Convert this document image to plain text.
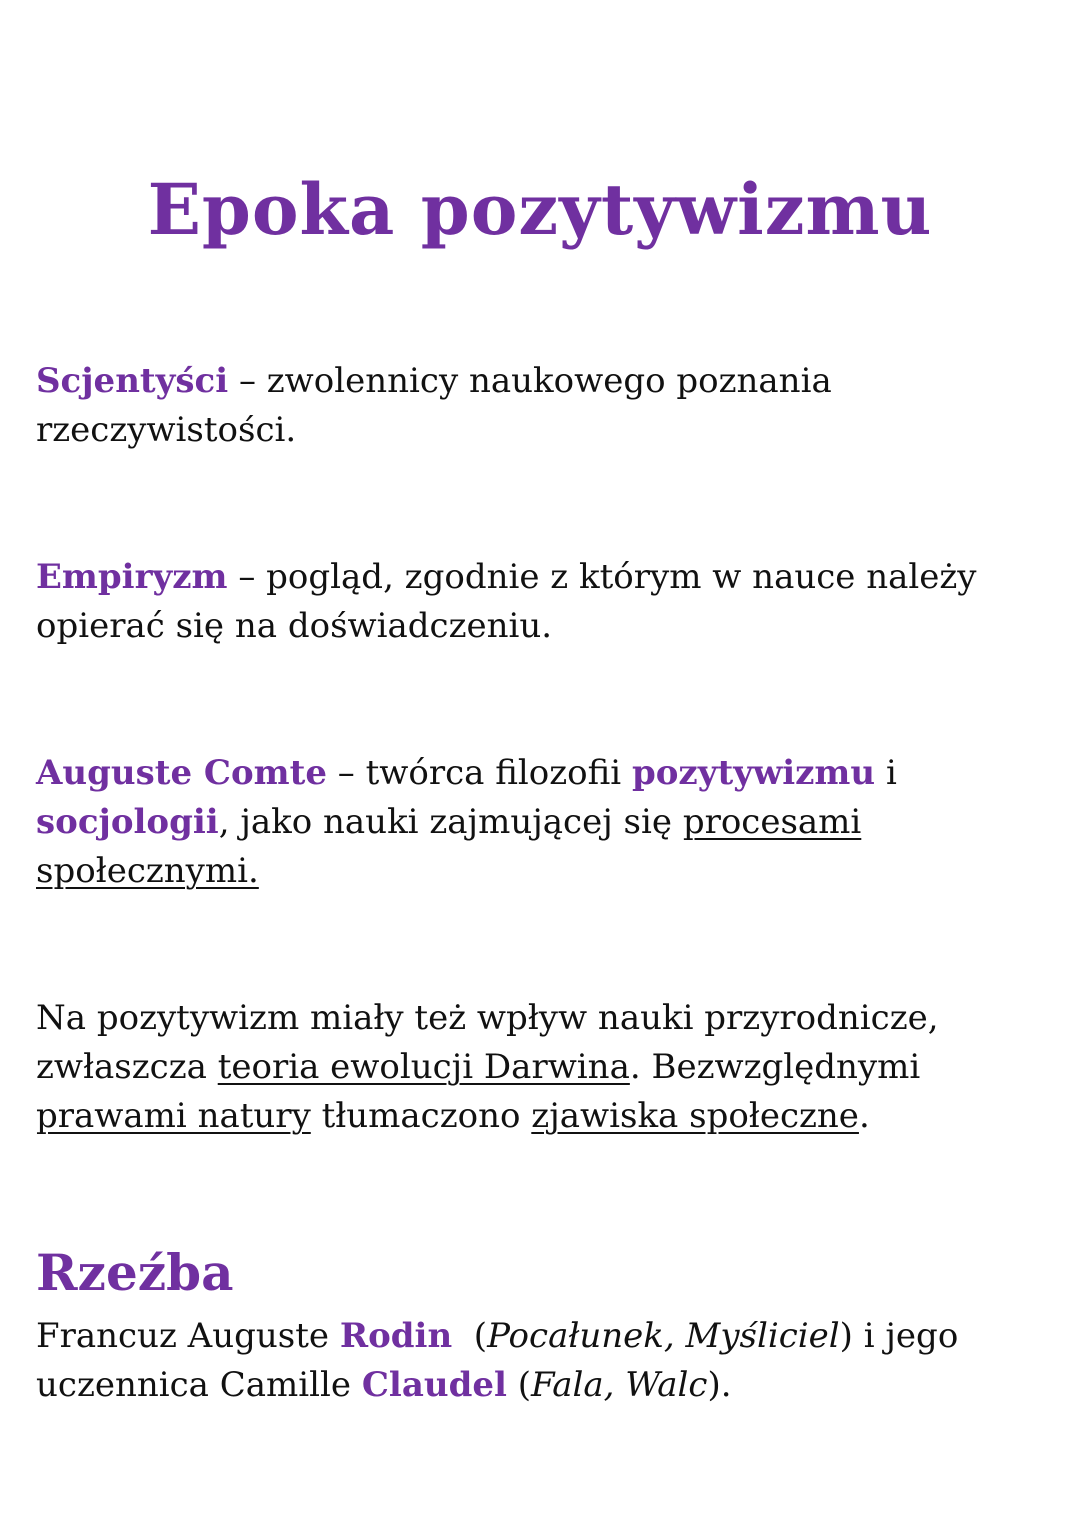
Epoka pozytywizmu

Scjentyści – zwolennicy naukowego poznania rzeczywistości.

Empiryzm – pogląd, zgodnie z którym w nauce należy opierać się na doświadczeniu.

Auguste Comte – twórca filozofii pozytywizmu i socjologii, jako nauki zajmującej się procesami społecznymi.

Na pozytywizm miały też wpływ nauki przyrodnicze, zwłaszcza teoria ewolucji Darwina. Bezwzględnymi prawami natury tłumaczono zjawiska społeczne.

Rzeźba

Francuz Auguste Rodin  (Pocałunek, Myśliciel) i jego uczennica Camille Claudel (Fala, Walc).
